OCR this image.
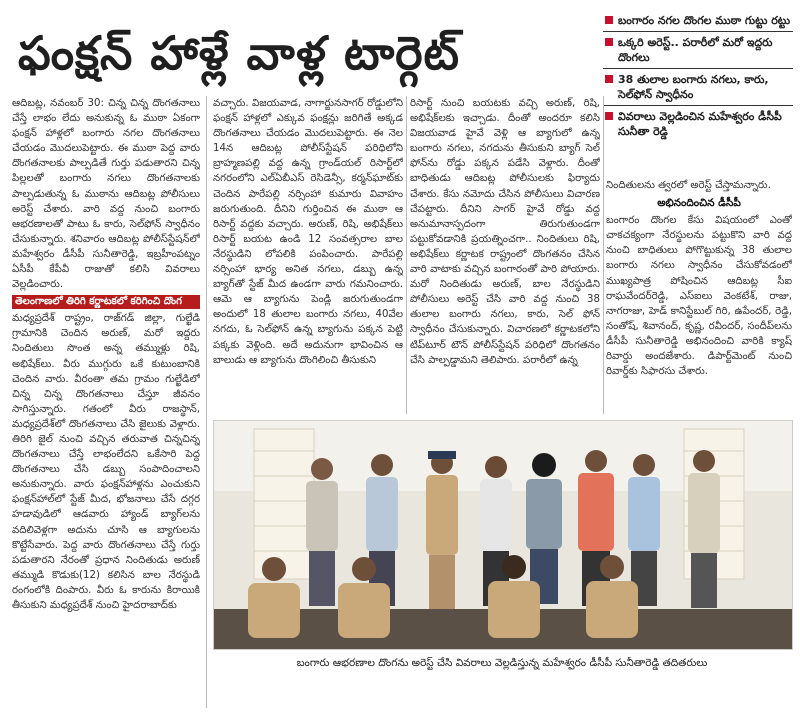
ఫంక్షన్ హాళ్లే వాళ్ల టార్గెట్
బంగారం నగల దొంగల ముఠా గుట్టు రట్టు
ఒక్కరి అరెస్ట్.. పరారీలో మరో ఇద్దరు దొంగలు
38 తులాల బంగారు నగలు, కారు, సెల్‌ఫోన్ స్వాధీనం
వివరాలు వెల్లడించిన మహేశ్వరం డీసీపీ సునీతా రెడ్డి

ఆదిబట్ల, నవంబర్ 30: చిన్న చిన్న దొంగతనాలు చేస్తే లాభం లేదు అనుకున్న ఓ ముఠా ఏకంగా ఫంక్షన్ హాళ్లలో బంగారు నగల దొంగతనాలు చేయడం మొదలుపెట్టారు. ఈ ముఠా పెద్ద వారు దొంగతనాలకు పాల్పడితే గుర్తు పడుతారని చిన్న పిల్లలతో బంగారు నగలు దొంగతనాలకు పాల్పడుతున్న ఓ ముఠాను ఆదిబట్ల పోలీసులు అరెస్ట్ చేశారు. వారి వద్ద నుంచి బంగారు ఆభరణాలతో పాటు ఓ కారు, సెల్‌ఫోన్ స్వాధీనం చేసుకున్నారు. శనివారం ఆదిబట్ల పోలీస్‌స్టేషన్‌లో మహేశ్వరం డీసీపీ సునీతారెడ్డి, ఇబ్రహీంపట్నం ఏసీపీ కేపీవీ రాజుతో కలిసి వివరాలు వెల్లడించారు.

తెలంగాణలో తిరిగి కర్ణాటకలో కరిగించి దొంగ

మధ్యప్రదేశ్ రాష్ట్రం, రాజ్‌గడ్ జిల్లా, గుల్ఖేడి గ్రామానికి చెందిన అరుణ్, మరో ఇద్దరు నిందితులు సొంత అన్న తమ్ముళ్లు రిషి, అభిషేక్‌లు. వీరు ముగ్గురు ఒకే కుటుంబానికి చెందిన వారు. వీరంతా తమ గ్రామం గుల్ఖేడిలో చిన్న చిన్న దొంగతనాలు చేస్తూ జీవనం సాగిస్తున్నారు. గతంలో వీరు రాజస్థాన్, మధ్యప్రదేశ్‌లో దొంగతనాలు చేసి జైలుకు వెళ్లారు. తిరిగి జైల్ నుంచి వచ్చిన తరువాత చిన్నచిన్న దొంగతనాలు చేస్తే లాభంలేదని ఒకేసారి పెద్ద దొంగతనాలు చేసి డబ్బు సంపాదించాలని అనుకున్నారు. వారు ఫంక్షన్‌హాళ్లను ఎంచుకుని ఫంక్షన్‌హాల్‌లో స్టేజ్ మీద, భోజనాలు చేసే దగ్గర హడావుడిలో ఆడవారు హ్యాండ్ బ్యాగ్‌లను వదిలివెళ్లగా అదును చూసి ఆ బ్యాగులను కొట్టేసేవారు. పెద్ద వారు దొంగతనాలు చేస్తే గుర్తు పడుతారని నేరంతో ప్రధాన నిందితుడు అరుణ్ తమ్ముడి కొడుకు(12) కలిసిన బాల నేరస్థుడి రంగంలోకి దింపారు. వీరు ఓ కారును కిరాయికి తీసుకుని మధ్యప్రదేశ్ నుంచి హైదరాబాద్‌కు

వచ్చారు. విజయవాడ, నాగార్జునసాగర్ రోడ్డులోని ఫంక్షన్ హాళ్లలో ఎక్కువ ఫంక్షన్లు జరిగితే అక్కడ దొంగతనాలు చేయడం మొదలుపెట్టారు. ఈ నెల 14న ఆదిబట్ల పోలీస్‌స్టేషన్ పరిధిలోని బ్రాహ్మణపల్లి వద్ద ఉన్న గ్రాండ్‌యల్ రిసార్ట్‌లో నగరంలోని ఎల్ఏబీఎస్ రెసిడెన్సీ, కర్మన్‌ఘాట్‌కు చెందిన పారేపల్లి నర్సింహా కుమారు వివాహం జరుగుతుంది. దీనిని గుర్తించిన ఈ ముఠా ఆ రిసార్ట్ వద్దకు వచ్చారు. అరుణ్, రిషి, అభిషేక్‌లు రిసార్ట్ బయట ఉండి 12 సంవత్సరాల బాల నేరస్థుడిని లోపలికి పంపించారు. పారేపల్లి నర్సింహా భార్య అనిత నగలు, డబ్బు ఉన్న బ్యాగ్‌తో స్టేజ్ మీద ఉండగా వారు గమనించారు. ఆమె ఆ బ్యాగును పెండ్లి జరుగుతుండగా అందులో 18 తులాల బంగారు నగలు, 40వేల నగదు, ఓ సెల్‌ఫోన్ ఉన్న బ్యాగును పక్కన పెట్టి పక్కకు వెళ్లింది. అదే అదునుగా భావించిన ఆ బాలుడు ఆ బ్యాగును దొంగిలించి తీసుకుని

రిసార్ట్ నుంచి బయటకు వచ్చి అరుణ్, రిషి, అభిషేక్‌లకు ఇచ్చాడు. దీంతో అందరూ కలిసి విజయవాడ హైవే వెళ్లి ఆ బ్యాగులో ఉన్న బంగారు నగలు, నగదును తీసుకుని బ్యాగ్ సెల్ ఫోన్‌ను రోడ్డు పక్కన పడేసి వెళ్లారు. దీంతో బాధితుడు ఆదిబట్ల పోలీసులకు ఫిర్యాదు చేశారు. కేసు నమోదు చేసిన పోలీసులు విచారణ చేపట్టారు. దీనిని సాగర్ హైవే రోడ్డు వద్ద అనుమానాస్పదంగా తిరుగుతుండగా పట్టుకోవడానికి ప్రయత్నించగా.. నిందితులు రిషి, అభిషేక్‌లు కర్ణాటక రాష్ట్రంలో దొంగతనం చేసిన వారి వాటాకు వచ్చిన బంగారంతో పారి పోయారు. మరో నిందితుడు అరుణ్, బాల నేరస్థుడిని పోలీసులు అరెస్ట్ చేసి వారి వద్ద నుంచి 38 తులాల బంగారు నగలు, కారు, సెల్ ఫోన్ స్వాధీనం చేసుకున్నారు. విచారణలో కర్ణాటకలోని టిప్‌టూర్ టౌన్ పోలీస్‌స్టేషన్ పరిధిలో దొంగతనం చేసి పాల్పడ్డామని తెలిపారు. పరారీలో ఉన్న

నిందితులను త్వరలో అరెస్ట్ చేస్తామన్నారు.

అభినందించిన డీసీపీ

బంగారం దొంగల కేసు విషయంలో ఎంతో చాకచక్యంగా నేరస్థులను పట్టుకొని వారి వద్ద నుంచి బాధితులు పోగొట్టుకున్న 38 తులాల బంగారు నగలు స్వాధీనం చేసుకోవడంలో ముఖ్యపాత్ర పోషించిన ఆదిబట్ల సీఐ రాఘవేందర్‌రెడ్డి, ఎస్ఐలు వెంకటేశ్, రాజు, నాగరాజు, హెడ్ కానిస్టేబుల్ గిరి, ఉపేందర్, రెడ్డి, సంతోష్, శివానంద్, కృష్ణ, రవీందర్, సందీప్‌లను డీసీపీ సునీతారెడ్డి అభినందించి వారికి క్యాష్ రివార్డు అందజేశారు. డిపార్ట్‌మెంట్ నుంచి రివార్డ్‌కు సిఫారసు చేశారు.

బంగారు ఆభరణాల దొంగను అరెస్ట్ చేసి వివరాలు వెల్లడిస్తున్న మహేశ్వరం డీసీపీ సునీతారెడ్డి తదితరులు
